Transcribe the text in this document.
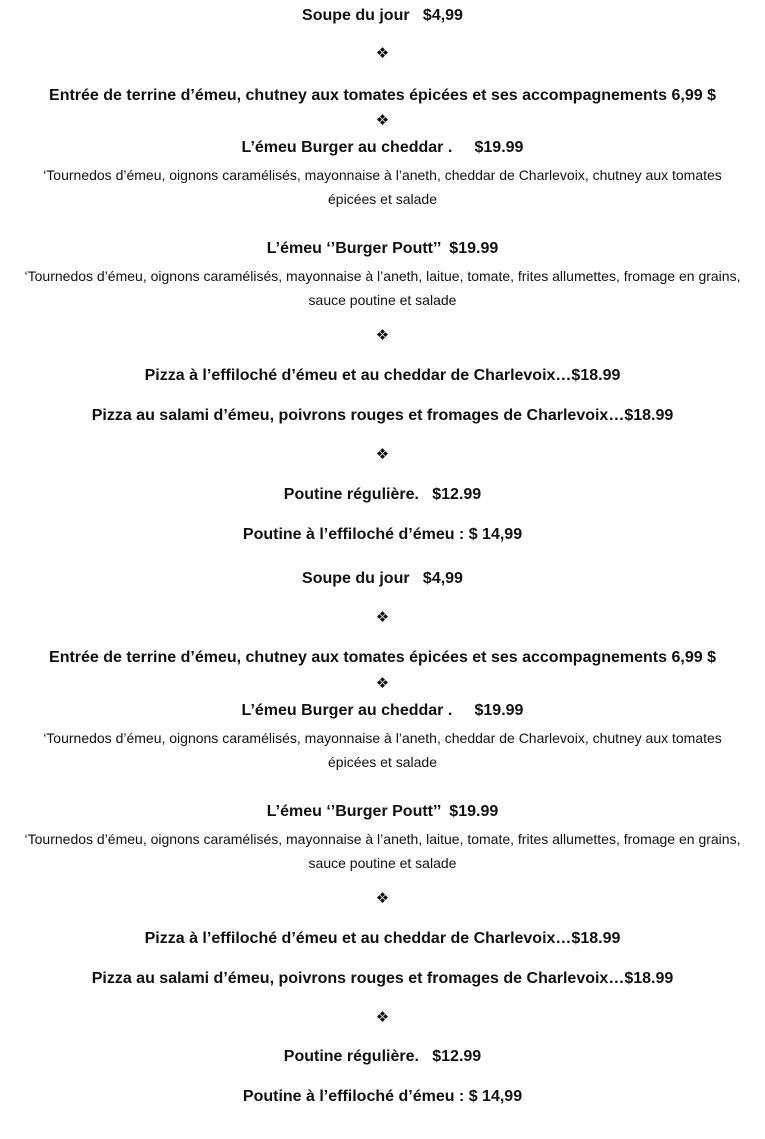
Soupe du jour   $4,99
❖
Entrée de terrine d’émeu, chutney aux tomates épicées et ses accompagnements 6,99 $
❖
L’émeu Burger au cheddar .     $19.99
‘Tournedos d’émeu, oignons caramélisés, mayonnaise à l’aneth, cheddar de Charlevoix, chutney aux tomates épicées et salade
L’émeu ‘’Burger Poutt’’  $19.99
‘Tournedos d’émeu, oignons caramélisés, mayonnaise à l’aneth, laitue, tomate, frites allumettes, fromage en grains, sauce poutine et salade
❖
Pizza à l’effiloché d’émeu et au cheddar de Charlevoix…$18.99
Pizza au salami d’émeu, poivrons rouges et fromages de Charlevoix…$18.99
❖
Poutine régulière.   $12.99
Poutine à l’effiloché d’émeu : $ 14,99
Soupe du jour   $4,99
❖
Entrée de terrine d’émeu, chutney aux tomates épicées et ses accompagnements 6,99 $
❖
L’émeu Burger au cheddar .     $19.99
‘Tournedos d’émeu, oignons caramélisés, mayonnaise à l’aneth, cheddar de Charlevoix, chutney aux tomates épicées et salade
L’émeu ‘’Burger Poutt’’  $19.99
‘Tournedos d’émeu, oignons caramélisés, mayonnaise à l’aneth, laitue, tomate, frites allumettes, fromage en grains, sauce poutine et salade
❖
Pizza à l’effiloché d’émeu et au cheddar de Charlevoix…$18.99
Pizza au salami d’émeu, poivrons rouges et fromages de Charlevoix…$18.99
❖
Poutine régulière.   $12.99
Poutine à l’effiloché d’émeu : $ 14,99
